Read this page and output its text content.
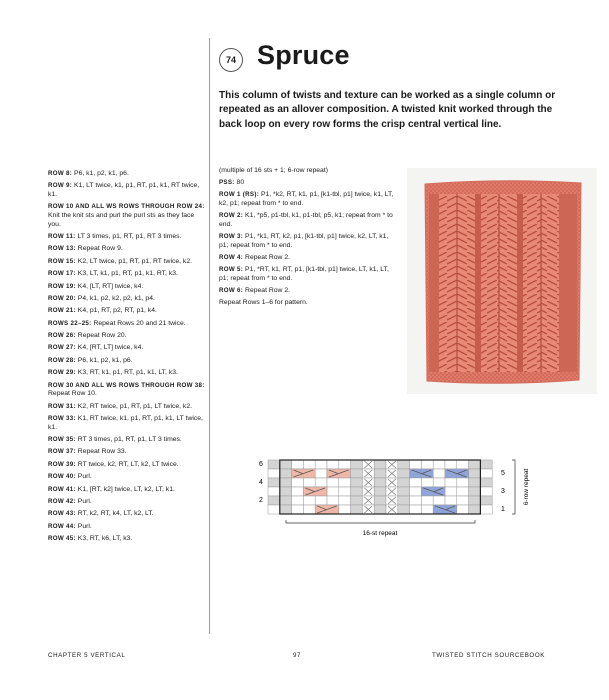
74 Spruce
This column of twists and texture can be worked as a single column or repeated as an allover composition. A twisted knit worked through the back loop on every row forms the crisp central vertical line.

ROW 8: P6, k1, p2, k1, p6.

ROW 9: K1, LT twice, k1, p1, RT, p1, k1, RT twice, k1.

ROW 10 AND ALL WS ROWS THROUGH ROW 24: Knit the knit sts and purl the purl sts as they face you.

ROW 11: LT 3 times, p1, RT, p1, RT 3 times.

ROW 13: Repeat Row 9.

ROW 15: K2, LT twice, p1, RT, p1, RT twice, k2.

ROW 17: K3, LT, k1, p1, RT, p1, k1, RT, k3.

ROW 19: K4, [LT, RT] twice, k4.

ROW 20: P4, k1, p2, k2, p2, k1, p4.

ROW 21: K4, p1, RT, p2, RT, p1, k4.

ROWS 22–25: Repeat Rows 20 and 21 twice.

ROW 26: Repeat Row 20.

ROW 27: K4, [RT, LT] twice, k4.

ROW 28: P6, k1, p2, k1, p6.

ROW 29: K3, RT, k1, p1, RT, p1, k1, LT, k3.

ROW 30 AND ALL WS ROWS THROUGH ROW 38: Repeat Row 10.

ROW 31: K2, RT twice, p1, RT, p1, LT twice, k2.

ROW 33: K1, RT twice, k1, p1, RT, p1, k1, LT twice, k1.

ROW 35: RT 3 times, p1, RT, p1, LT 3 times.

ROW 37: Repeat Row 33.

ROW 39: RT twice, k2, RT, LT, k2, LT twice.

ROW 40: Purl.

ROW 41: K1, [RT, k2] twice, LT, k2, LT, k1.

ROW 42: Purl.

ROW 43: RT, k2, RT, k4, LT, k2, LT.

ROW 44: Purl.

ROW 45: K3, RT, k6, LT, k3.

(multiple of 16 sts + 1; 6-row repeat)

PSS: 80

ROW 1 (RS): P1, *k2, RT, k1, p1, [k1-tbl, p1] twice, k1, LT, k2, p1; repeat from * to end.

ROW 2: K1, *p5, p1-tbl, k1, p1-tbl, p5, k1; repeat from * to end.

ROW 3: P1, *k1, RT, k2, p1, [k1-tbl, p1] twice, k2, LT, k1, p1; repeat from * to end.

ROW 4: Repeat Row 2.

ROW 5: P1, *RT, k1, RT, p1, [k1-tbl, p1] twice, LT, k1, LT, p1; repeat from * to end.

ROW 6: Repeat Row 2.

Repeat Rows 1–6 for pattern.

6
4
2
5
3
1
6-row repeat
16-st repeat
CHAPTER 5 VERTICAL	97	TWISTED STITCH SOURCEBOOK
